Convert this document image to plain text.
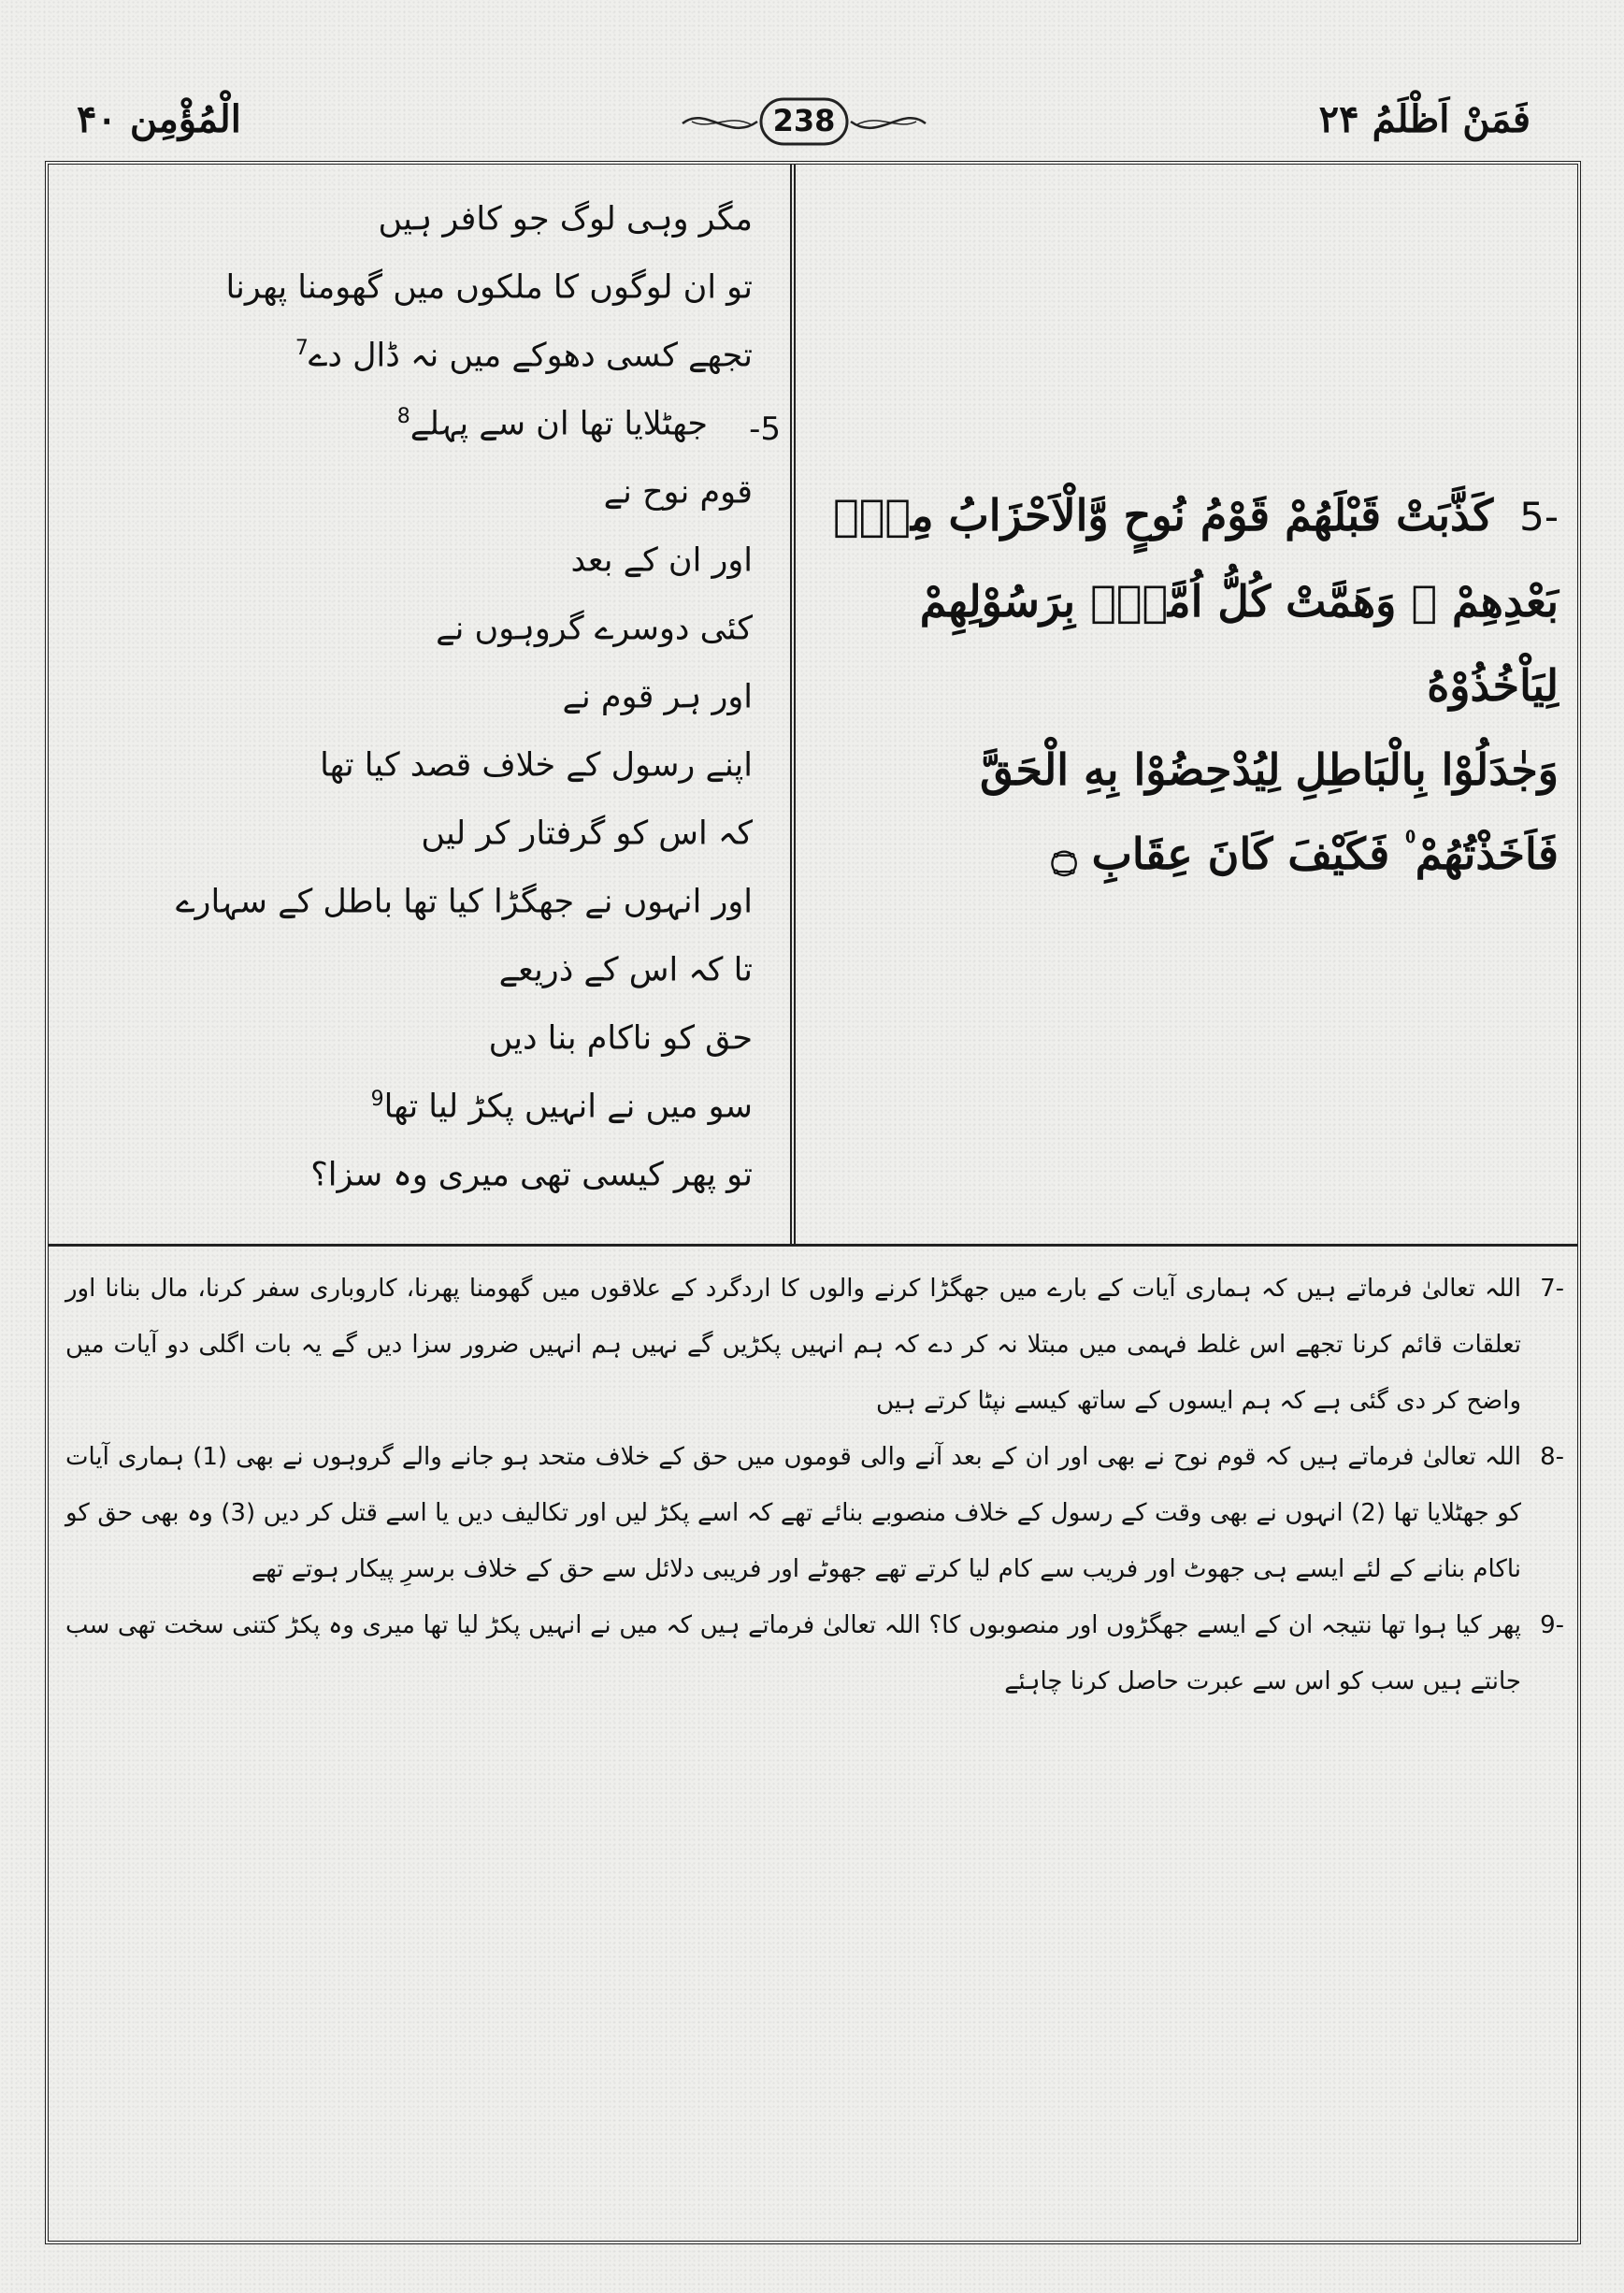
فَمَنْ اَظْلَمُ ۲۴
الْمُؤْمِن ۴۰	238
-5كَذَّبَتْ قَبْلَهُمْ قَوْمُ نُوحٍ وَّالْاَحْزَابُ مِنْۢ
بَعْدِهِمْ ۠ وَهَمَّتْ كُلُّ اُمَّةٍۢ بِرَسُوْلِهِمْ لِيَاْخُذُوْهُ
وَجٰدَلُوْا بِالْبَاطِلِ لِيُدْحِضُوْا بِهِ الْحَقَّ
فَاَخَذْتُهُمْ ۠ فَكَيْفَ كَانَ عِقَابِ ۝
-5
مگر وہی لوگ جو کافر ہیں
تو ان لوگوں کا ملکوں میں گھومنا پھرنا
تجھے کسی دھوکے میں نہ ڈال دے$^7$
جھٹلایا تھا ان سے پہلے$^8$
قوم نوح نے
اور ان کے بعد
کئی دوسرے گروہوں نے
اور ہر قوم نے
اپنے رسول کے خلاف قصد کیا تھا
کہ اس کو گرفتار کر لیں
اور انہوں نے جھگڑا کیا تھا باطل کے سہارے
تا کہ اس کے ذریعے
حق کو ناکام بنا دیں
سو میں نے انہیں پکڑ لیا تھا$^9$
تو پھر کیسی تھی میری وہ سزا؟
-7
اللہ تعالیٰ فرماتے ہیں کہ ہماری آیات کے بارے میں جھگڑا کرنے والوں کا اردگرد کے علاقوں میں گھومنا پھرنا، کاروباری سفر کرنا، مال بنانا اور تعلقات قائم کرنا تجھے اس غلط فہمی میں مبتلا نہ کر دے کہ ہم انہیں پکڑیں گے نہیں ہم انہیں ضرور سزا دیں گے یہ بات اگلی دو آیات میں واضح کر دی گئی ہے کہ ہم ایسوں کے ساتھ کیسے نپٹا کرتے ہیں
-8
اللہ تعالیٰ فرماتے ہیں کہ قوم نوح نے بھی اور ان کے بعد آنے والی قوموں میں حق کے خلاف متحد ہو جانے والے گروہوں نے بھی (1) ہماری آیات کو جھٹلایا تھا (2) انہوں نے بھی وقت کے رسول کے خلاف منصوبے بنائے تھے کہ اسے پکڑ لیں اور تکالیف دیں یا اسے قتل کر دیں (3) وہ بھی حق کو ناکام بنانے کے لئے ایسے ہی جھوٹ اور فریب سے کام لیا کرتے تھے جھوٹے اور فریبی دلائل سے حق کے خلاف برسرِ پیکار ہوتے تھے
-9
پھر کیا ہوا تھا نتیجہ ان کے ایسے جھگڑوں اور منصوبوں کا؟ اللہ تعالیٰ فرماتے ہیں کہ میں نے انہیں پکڑ لیا تھا میری وہ پکڑ کتنی سخت تھی سب جانتے ہیں سب کو اس سے عبرت حاصل کرنا چاہئے
